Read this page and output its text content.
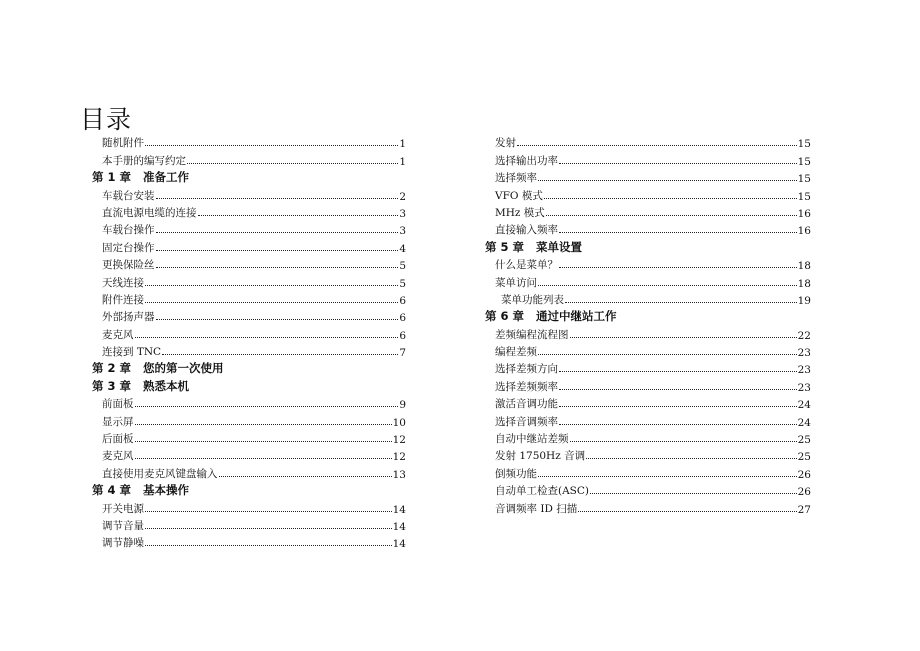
目录
随机附件	1
本手册的编写约定	1
第 1 章 准备工作
车载台安装	2
直流电源电缆的连接	3
车载台操作	3
固定台操作	4
更换保险丝	5
天线连接	5
附件连接	6
外部扬声器	6
麦克风	6
连接到 TNC	7
第 2 章 您的第一次使用
第 3 章 熟悉本机
前面板	9
显示屏	10
后面板	12
麦克风	12
直接使用麦克风键盘输入	13
第 4 章 基本操作
开关电源	14
调节音量	14
调节静噪	14
发射	15
选择输出功率	15
选择频率	15
VFO 模式	15
MHz 模式	16
直接输入频率	16
第 5 章 菜单设置
什么是菜单？	18
菜单访问	18
菜单功能列表	19
第 6 章 通过中继站工作
差频编程流程图	22
编程差频	23
选择差频方向	23
选择差频频率	23
激活音调功能	24
选择音调频率	24
自动中继站差频	25
发射 1750Hz 音调	25
倒频功能	26
自动单工检查(ASC)	26
音调频率 ID 扫描	27
